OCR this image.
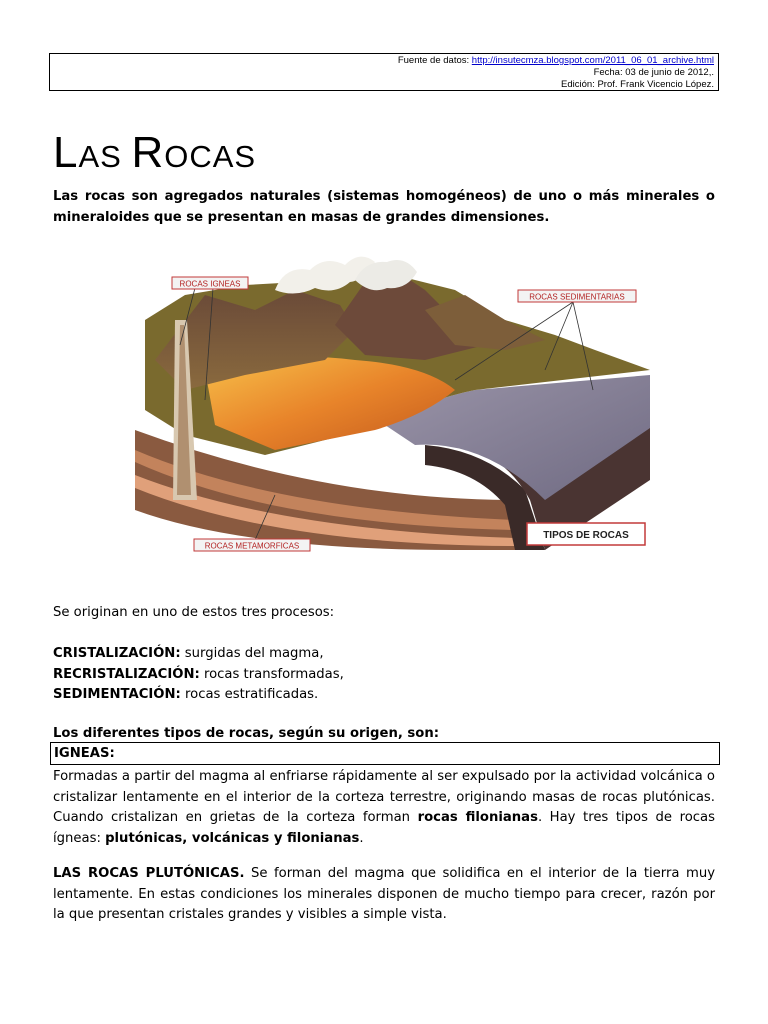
Fuente de datos: http://insutecmza.blogspot.com/2011_06_01_archive.html
Fecha: 03 de junio de 2012,.
Edición: Prof. Frank Vicencio López.
LAS ROCAS

Las rocas son agregados naturales (sistemas homogéneos) de uno o más minerales o mineraloides que se presentan en masas de grandes dimensiones.

ROCAS IGNEAS
ROCAS SEDIMENTARIAS
ROCAS METAMORFICAS
TIPOS DE ROCAS
Se originan en uno de estos tres procesos:
CRISTALIZACIÓN: surgidas del magma,
RECRISTALIZACIÓN: rocas transformadas,
SEDIMENTACIÓN: rocas estratificadas.

Los diferentes tipos de rocas, según su origen, son:

IGNEAS:

Formadas a partir del magma al enfriarse rápidamente al ser expulsado por la actividad volcánica o cristalizar lentamente en el interior de la corteza terrestre, originando masas de rocas plutónicas. Cuando cristalizan en grietas de la corteza forman rocas filonianas. Hay tres tipos de rocas ígneas: plutónicas, volcánicas y filonianas.

LAS ROCAS PLUTÓNICAS. Se forman del magma que solidifica en el interior de la tierra muy lentamente. En estas condiciones los minerales disponen de mucho tiempo para crecer, razón por la que presentan cristales grandes y visibles a simple vista.
